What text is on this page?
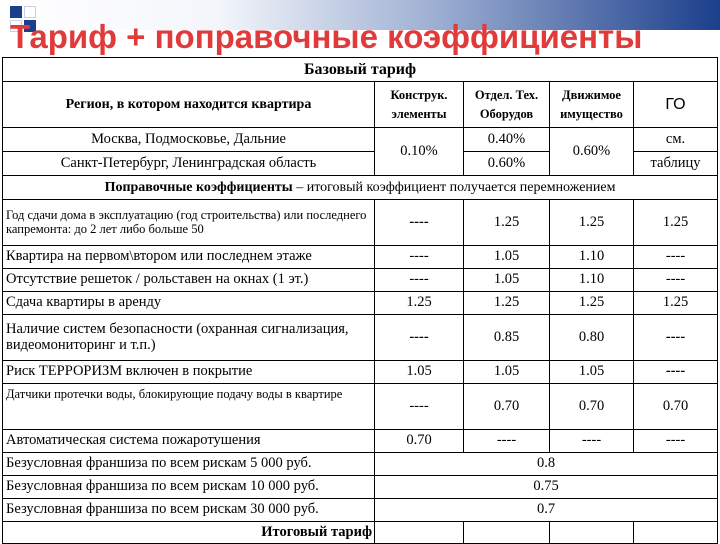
Тариф + поправочные коэффициенты
Базовый тариф				
Регион, в котором находится квартира	Конструк. элементы	Отдел. Тех. Оборудов	Движимое имущество	ГО
Москва, Подмосковье, Дальние	0.10%	0.40%	0.60%	см.
Санкт-Петербург, Ленинградская область		0.60%		таблицу
Поправочные коэффициенты – итоговый коэффициент получается перемножением				
Год сдачи дома в эксплуатацию (год строительства) или последнего капремонта: до 2 лет либо больше 50	----	1.25	1.25	1.25
Квартира на первом\втором или последнем этаже	----	1.05	1.10	----
Отсутствие решеток / рольставен на окнах (1 эт.)	----	1.05	1.10	----
Сдача квартиры в аренду	1.25	1.25	1.25	1.25
Наличие систем безопасности (охранная сигнализация, видеомониторинг и т.п.)	----	0.85	0.80	----
Риск ТЕРРОРИЗМ включен в покрытие	1.05	1.05	1.05	----
Датчики протечки воды, блокирующие подачу воды в квартире	----	0.70	0.70	0.70
Автоматическая система пожаротушения	0.70	----	----	----
Безусловная франшиза по всем рискам 5 000 руб.	0.8			
Безусловная франшиза по всем рискам 10 000 руб.	0.75			
Безусловная франшиза по всем рискам 30 000 руб.	0.7			
Итоговый тариф				
